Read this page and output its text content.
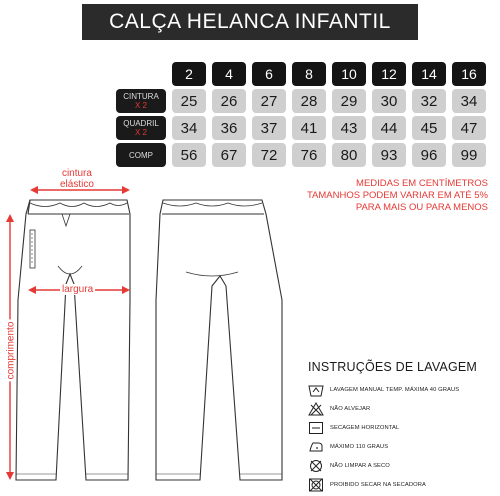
CALÇA HELANCA INFANTIL
2	4	6	8	10	12	14	16
CINTURA
X 2	25	26	27	28	29	30	32	34
QUADRIL
X 2	34	36	37	41	43	44	45	47
COMP	56	67	72	76	80	93	96	99
MEDIDAS EM CENTÍMETROS
TAMANHOS PODEM VARIAR EM ATÉ 5%
PARA MAIS OU PARA MENOS
cintura
elástico
largura
comprimento	INSTRUÇÕES DE LAVAGEM
LAVAGEM MANUAL TEMP. MÁXIMA 40 GRAUS
NÃO ALVEJAR
SECAGEM HORIZONTAL
MÁXIMO 110 GRAUS
NÃO LIMPAR A SECO
PROIBIDO SECAR NA SECADORA
